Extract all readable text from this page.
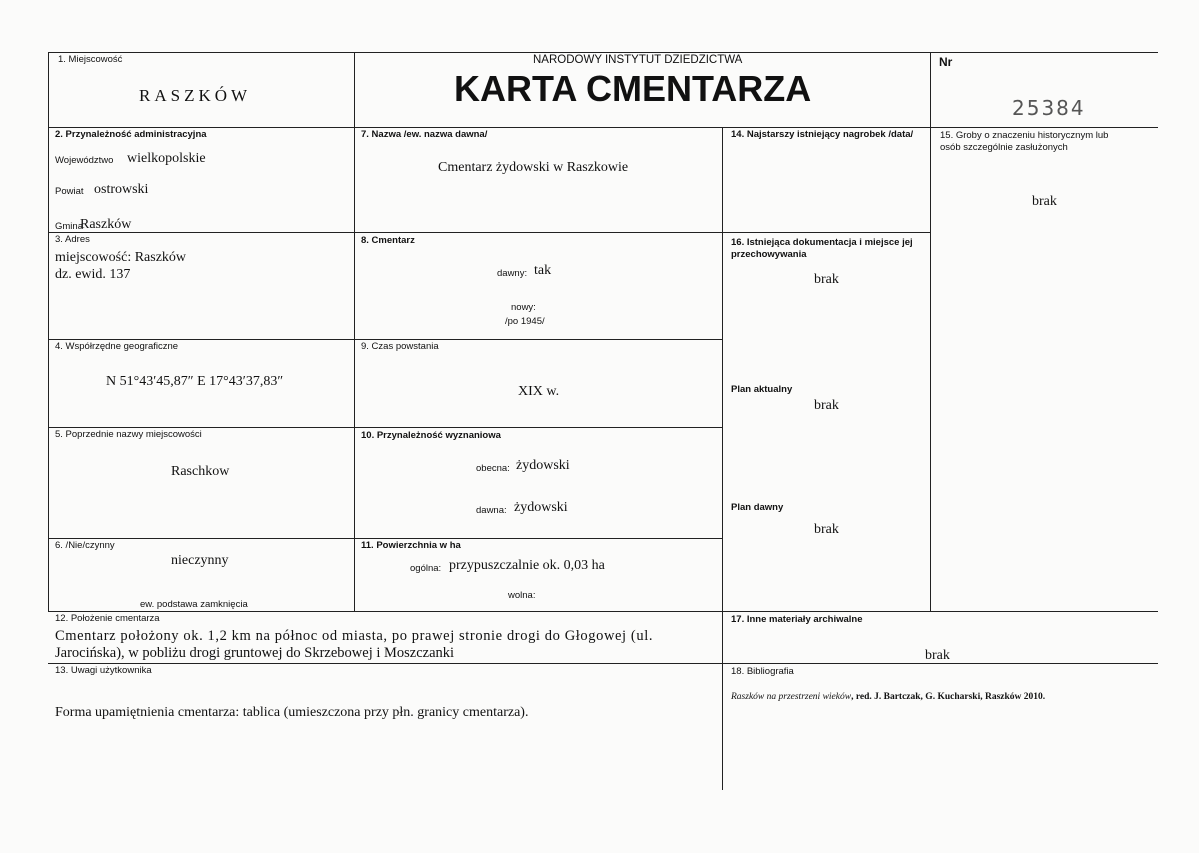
1. Miejscowość
RASZKÓW
NARODOWY INSTYTUT DZIEDZICTWA
KARTA CMENTARZA
Nr
25384
2. Przynależność administracyjna
Województwo wielkopolskie
Powiat ostrowski
Gmina
Raszków
3. Adres
miejscowość: Raszków
dz. ewid. 137
4. Współrzędne geograficzne
N 51°43′45,87″ E 17°43′37,83″
5. Poprzednie nazwy miejscowości
Raschkow
6. /Nie/czynny
nieczynny
ew. podstawa zamknięcia
7. Nazwa /ew. nazwa dawna/
Cmentarz żydowski w Raszkowie
8. Cmentarz
dawny: tak
nowy:
/po 1945/
9. Czas powstania
XIX w.
10. Przynależność wyznaniowa
obecna: żydowski
dawna: żydowski
11. Powierzchnia w ha
ogólna: przypuszczalnie ok. 0,03 ha
wolna:
12. Położenie cmentarza
Cmentarz położony ok. 1,2 km na północ od miasta, po prawej stronie drogi do Głogowej (ul.
Jarocińska), w pobliżu drogi gruntowej do Skrzebowej i Moszczanki
13. Uwagi użytkownika
Forma upamiętnienia cmentarza: tablica (umieszczona przy płn. granicy cmentarza).
14. Najstarszy istniejący nagrobek /data/	15. Groby o znaczeniu historycznym lub
osób szczególnie zasłużonych
brak
16. Istniejąca dokumentacja i miejsce jej
przechowywania
brak
Plan aktualny
brak
Plan dawny
brak
17. Inne materiały archiwalne
brak
18. Bibliografia
Raszków na przestrzeni wieków, red. J. Bartczak, G. Kucharski, Raszków 2010.
